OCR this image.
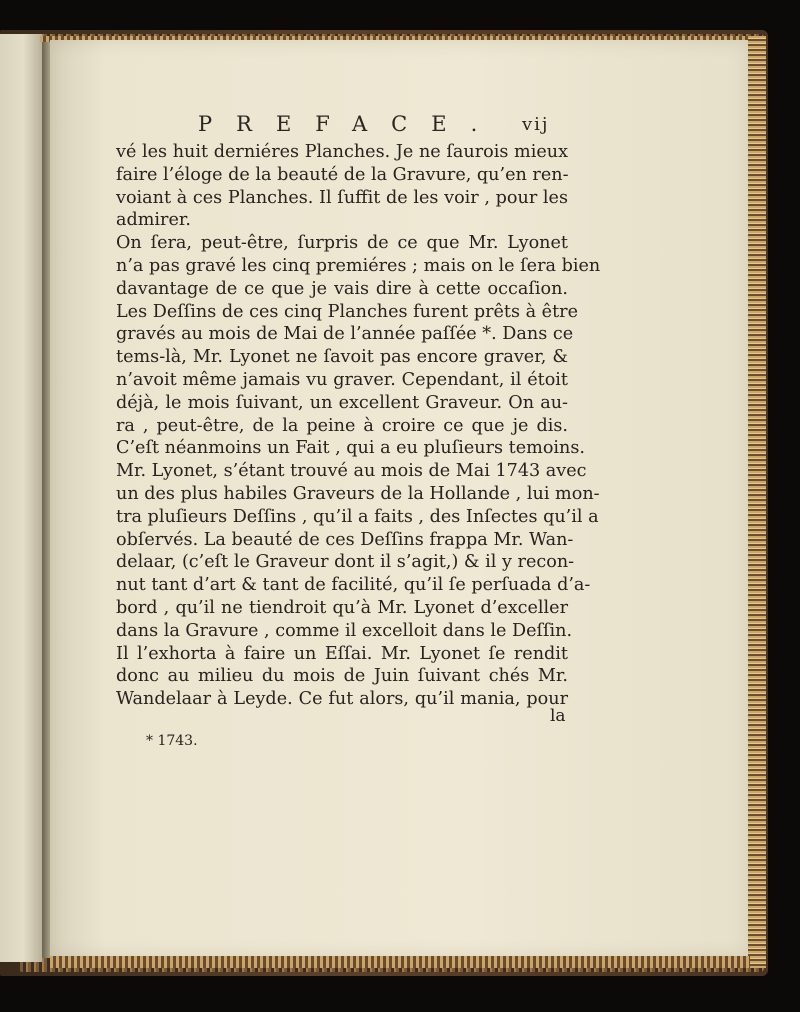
PREFACE.	vij
vé les huit derniéres Planches. Je ne ſaurois mieux
faire l’éloge de la beauté de la Gravure, qu’en ren-
voiant à ces Planches. Il ſuffit de les voir , pour les
admirer.
On ſera, peut-être, ſurpris de ce que Mr. Lyonet
n’a pas gravé les cinq premiéres ; mais on le ſera bien
davantage de ce que je vais dire à cette occaſion.
Les Deſſins de ces cinq Planches furent prêts à être
gravés au mois de Mai de l’année paſſée *. Dans ce
tems-là, Mr. Lyonet ne ſavoit pas encore graver, &
n’avoit même jamais vu graver. Cependant, il étoit
déjà, le mois ſuivant, un excellent Graveur. On au-
ra , peut-être, de la peine à croire ce que je dis.
C’eſt néanmoins un Fait , qui a eu pluſieurs temoins.
Mr. Lyonet, s’étant trouvé au mois de Mai 1743 avec
un des plus habiles Graveurs de la Hollande , lui mon-
tra pluſieurs Deſſins , qu’il a faits , des Inſectes qu’il a
obſervés. La beauté de ces Deſſins frappa Mr. Wan-
delaar, (c’eſt le Graveur dont il s’agit,) & il y recon-
nut tant d’art & tant de facilité, qu’il ſe perſuada d’a-
bord , qu’il ne tiendroit qu’à Mr. Lyonet d’exceller
dans la Gravure , comme il excelloit dans le Deſſin.
Il l’exhorta à faire un Eſſai. Mr. Lyonet ſe rendit
donc au milieu du mois de Juin ſuivant chés Mr.
Wandelaar à Leyde. Ce fut alors, qu’il mania, pour
la
* 1743.
